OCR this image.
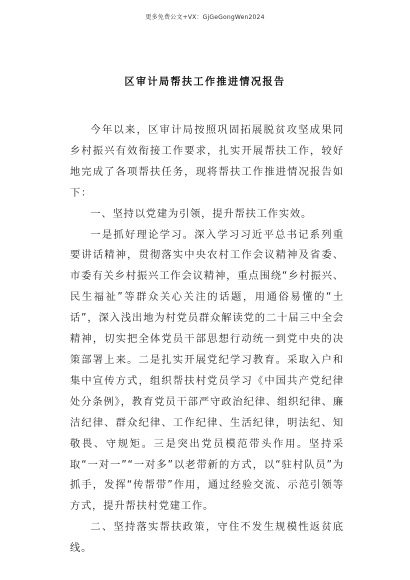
更多免费公文+VX：GjGeGongWen2024
区审计局帮扶工作推进情况报告

今年以来，区审计局按照巩固拓展脱贫攻坚成果同乡村振兴有效衔接工作要求，扎实开展帮扶工作，较好地完成了各项帮扶任务，现将帮扶工作推进情况报告如下：

一、坚持以党建为引领，提升帮扶工作实效。

一是抓好理论学习。深入学习习近平总书记系列重要讲话精神，贯彻落实中央农村工作会议精神及省委、市委有关乡村振兴工作会议精神，重点围绕“乡村振兴、民生福祉”等群众关心关注的话题，用通俗易懂的“土话”，深入浅出地为村党员群众解读党的二十届三中全会精神，切实把全体党员干部思想行动统一到党中央的决策部署上来。二是扎实开展党纪学习教育。采取入户和集中宣传方式，组织帮扶村党员学习《中国共产党纪律处分条例》，教育党员干部严守政治纪律、组织纪律、廉洁纪律、群众纪律、工作纪律、生活纪律，明法纪、知敬畏、守规矩。三是突出党员模范带头作用。坚持采取“一对一”“一对多”以老带新的方式，以“驻村队员”为抓手，发挥“传帮带”作用，通过经验交流、示范引领等方式，提升帮扶村党建工作。

二、坚持落实帮扶政策，守住不发生规模性返贫底线。
